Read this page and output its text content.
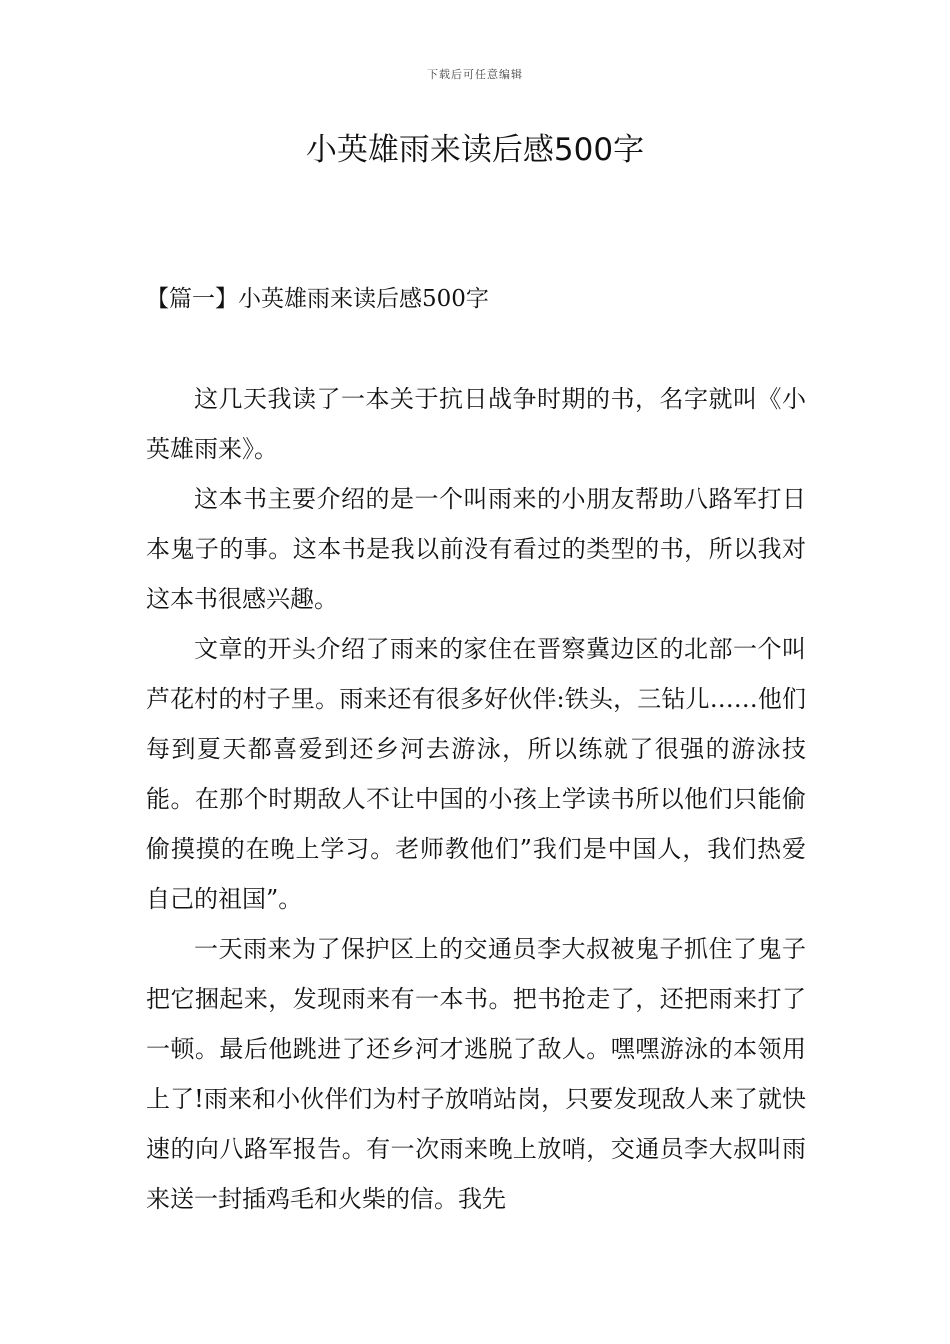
下载后可任意编辑
小英雄雨来读后感500字
【篇一】小英雄雨来读后感500字

这几天我读了一本关于抗日战争时期的书，名字就叫《小英雄雨来》。

这本书主要介绍的是一个叫雨来的小朋友帮助八路军打日本鬼子的事。这本书是我以前没有看过的类型的书，所以我对这本书很感兴趣。

文章的开头介绍了雨来的家住在晋察冀边区的北部一个叫芦花村的村子里。雨来还有很多好伙伴:铁头，三钻儿……他们每到夏天都喜爱到还乡河去游泳，所以练就了很强的游泳技能。在那个时期敌人不让中国的小孩上学读书所以他们只能偷偷摸摸的在晚上学习。老师教他们”我们是中国人，我们热爱自己的祖国”。

一天雨来为了保护区上的交通员李大叔被鬼子抓住了鬼子把它捆起来，发现雨来有一本书。把书抢走了，还把雨来打了一顿。最后他跳进了还乡河才逃脱了敌人。嘿嘿游泳的本领用上了!雨来和小伙伴们为村子放哨站岗，只要发现敌人来了就快速的向八路军报告。有一次雨来晚上放哨，交通员李大叔叫雨来送一封插鸡毛和火柴的信。我先
